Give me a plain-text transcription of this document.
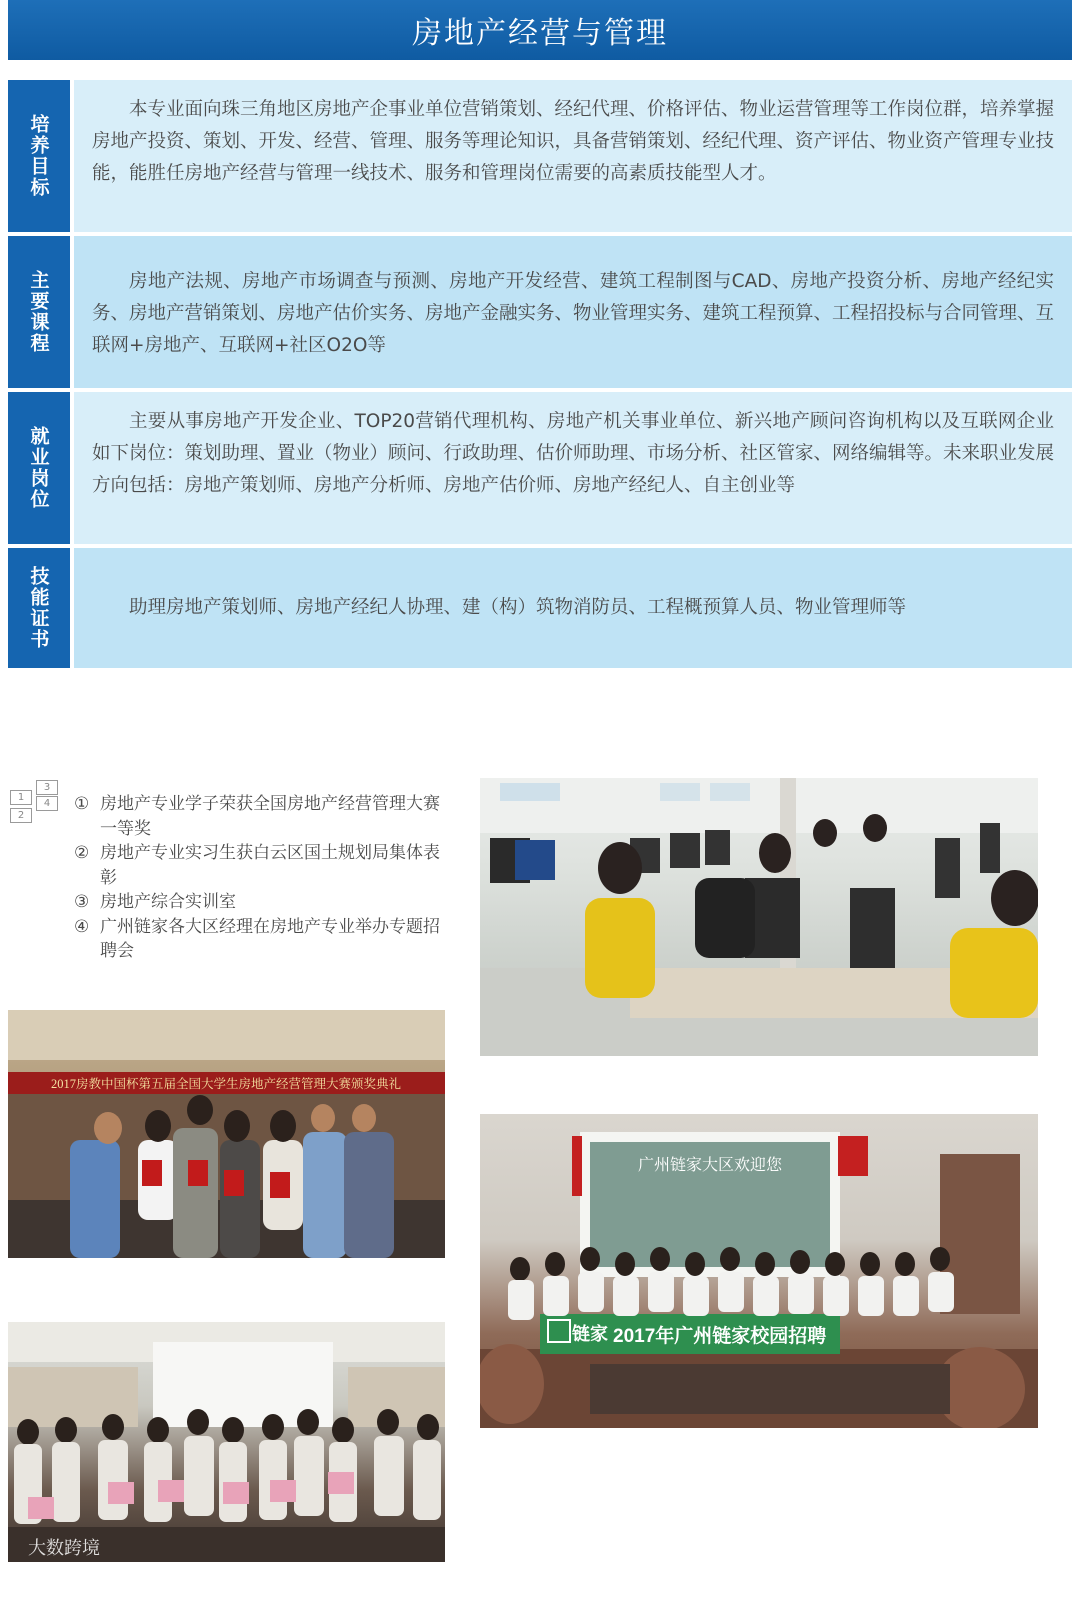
房地产经营与管理
培养目标
本专业面向珠三角地区房地产企事业单位营销策划、经纪代理、价格评估、物业运营管理等工作岗位群，培养掌握房地产投资、策划、开发、经营、管理、服务等理论知识，具备营销策划、经纪代理、资产评估、物业资产管理专业技能，能胜任房地产经营与管理一线技术、服务和管理岗位需要的高素质技能型人才。
主要课程	房地产法规、房地产市场调查与预测、房地产开发经营、建筑工程制图与CAD、房地产投资分析、房地产经纪实务、房地产营销策划、房地产估价实务、房地产金融实务、物业管理实务、建筑工程预算、工程招投标与合同管理、互联网+房地产、互联网+社区O2O等
就业岗位
主要从事房地产开发企业、TOP20营销代理机构、房地产机关事业单位、新兴地产顾问咨询机构以及互联网企业如下岗位：策划助理、置业（物业）顾问、行政助理、估价师助理、市场分析、社区管家、网络编辑等。未来职业发展方向包括：房地产策划师、房地产分析师、房地产估价师、房地产经纪人、自主创业等
技能证书	助理房地产策划师、房地产经纪人协理、建（构）筑物消防员、工程概预算人员、物业管理师等
3
1
4
2
① 房地产专业学子荣获全国房地产经营管理大赛一等奖
② 房地产专业实习生获白云区国土规划局集体表彰
③ 房地产综合实训室
④ 广州链家各大区经理在房地产专业举办专题招聘会
2017房教中国杯第五届全国大学生房地产经营管理大赛颁奖典礼
广州链家大区欢迎您
链家 2017年广州链家校园招聘
大数跨境
